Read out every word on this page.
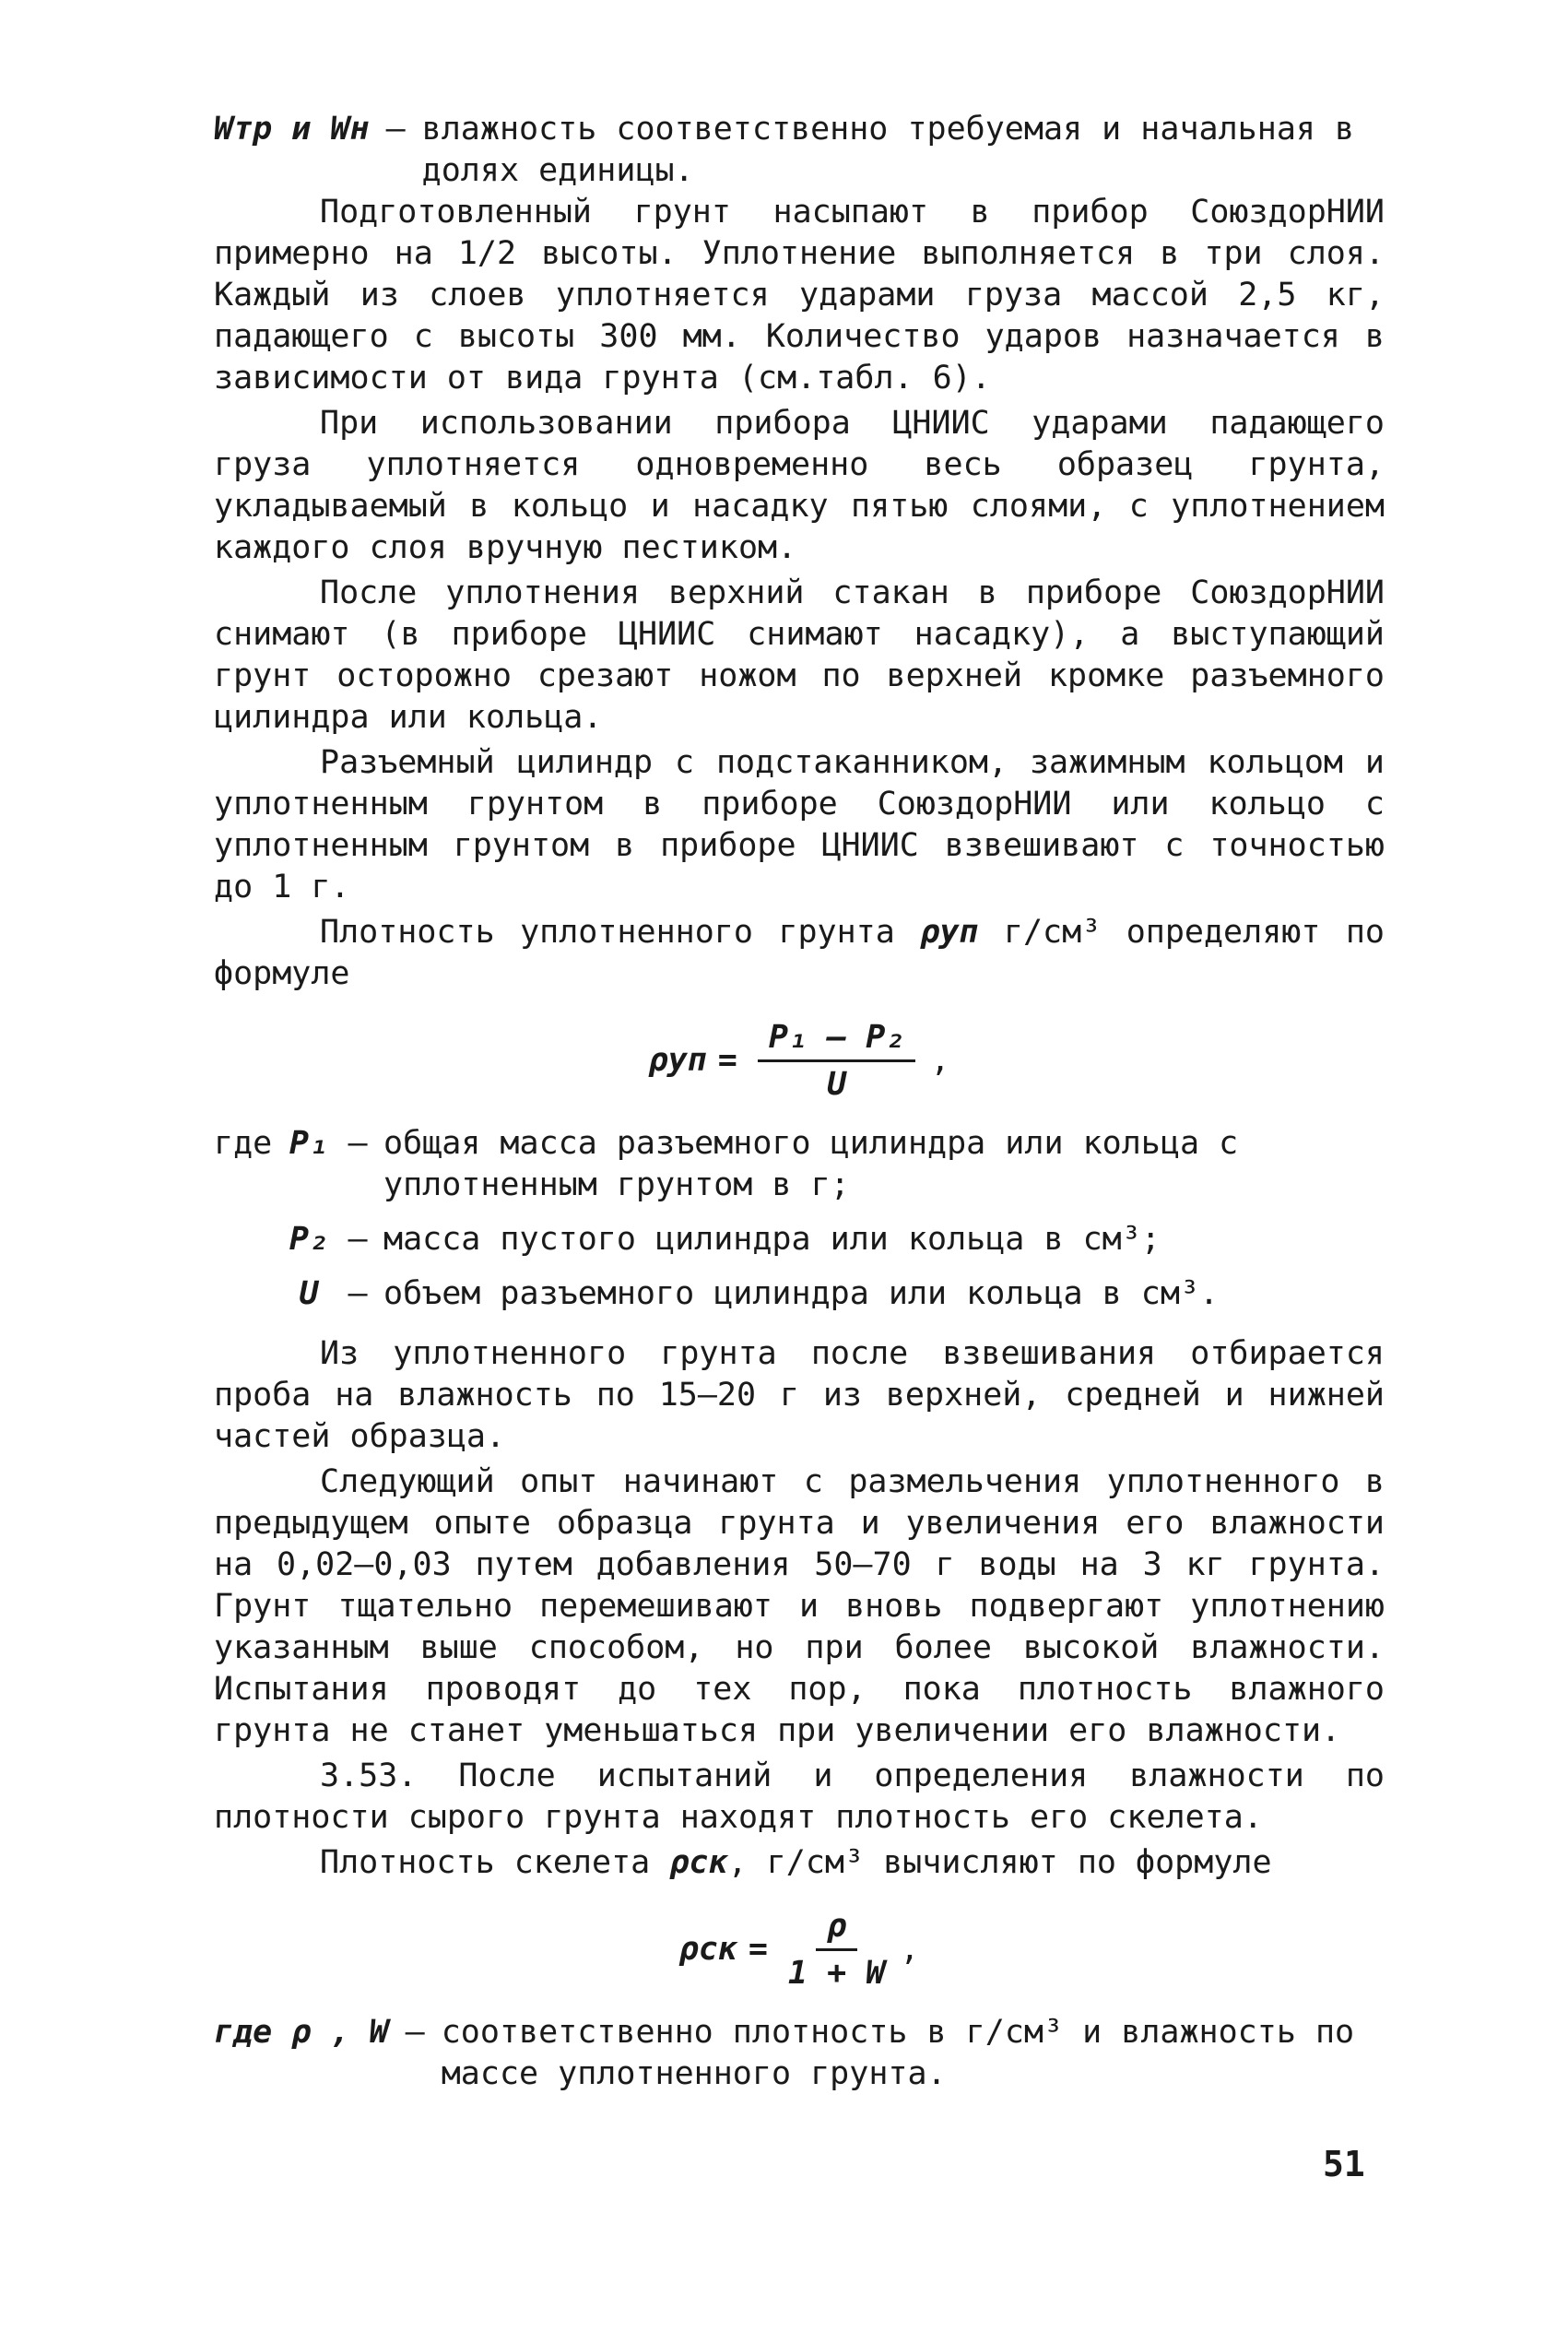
Wтр и Wн – влажность соответственно требуемая и начальная в долях единицы.

Подготовленный грунт насыпают в прибор СоюздорНИИ примерно на 1/2 высоты. Уплотнение выполняется в три слоя. Каждый из слоев уплотняется ударами груза массой 2,5 кг, падающего с высоты 300 мм. Количество ударов назначается в зависимости от вида грунта (см.табл. 6).

При использовании прибора ЦНИИС ударами падающего груза уплотняется одновременно весь образец грунта, укладываемый в кольцо и насадку пятью слоями, с уплотнением каждого слоя вручную пестиком.

После уплотнения верхний стакан в приборе СоюздорНИИ снимают (в приборе ЦНИИС снимают насадку), а выступающий грунт осторожно срезают ножом по верхней кромке разъемного цилиндра или кольца.

Разъемный цилиндр с подстаканником, зажимным кольцом и уплотненным грунтом в приборе СоюздорНИИ или кольцо с уплотненным грунтом в приборе ЦНИИС взвешивают с точностью до 1 г.

Плотность уплотненного грунта ρуп г/см³ определяют по формуле

$\rho уп = \frac{\text{P₁ – P₂}}{U}$ ,
где P₁ – общая масса разъемного цилиндра или кольца с уплотненным грунтом в г;
P₂ – масса пустого цилиндра или кольца в см³;
U – объем разъемного цилиндра или кольца в см³.

Из уплотненного грунта после взвешивания отбирается проба на влажность по 15–20 г из верхней, средней и нижней частей образца.

Следующий опыт начинают с размельчения уплотненного в предыдущем опыте образца грунта и увеличения его влажности на 0,02–0,03 путем добавления 50–70 г воды на 3 кг грунта. Грунт тщательно перемешивают и вновь подвергают уплотнению указанным выше способом, но при более высокой влажности. Испытания проводят до тех пор, пока плотность влажного грунта не станет уменьшаться при увеличении его влажности.

3.53. После испытаний и определения влажности по плотности сырого грунта находят плотность его скелета.

Плотность скелета ρск, г/см³ вычисляют по формуле

$\rho ск = \frac{\rho}{1 + W}$ ,
где ρ , W – соответственно плотность в г/см³ и влажность по массе уплотненного грунта.
51
